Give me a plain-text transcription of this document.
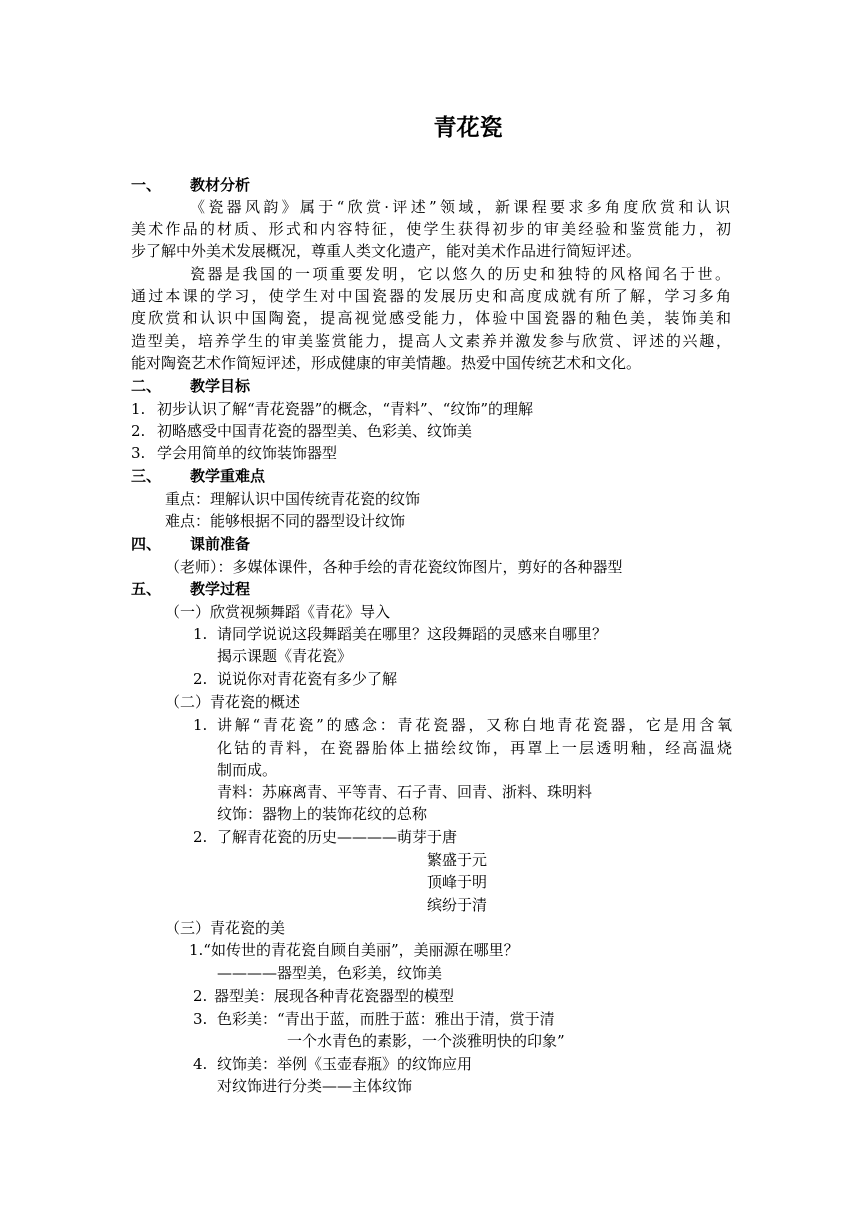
青花瓷
一、 教材分析
《瓷器风韵》属于“欣赏·评述”领域，新课程要求多角度欣赏和认识
美术作品的材质、形式和内容特征，使学生获得初步的审美经验和鉴赏能力，初
步了解中外美术发展概况，尊重人类文化遗产，能对美术作品进行简短评述。
瓷器是我国的一项重要发明，它以悠久的历史和独特的风格闻名于世。
通过本课的学习，使学生对中国瓷器的发展历史和高度成就有所了解，学习多角
度欣赏和认识中国陶瓷，提高视觉感受能力，体验中国瓷器的釉色美，装饰美和
造型美，培养学生的审美鉴赏能力，提高人文素养并激发参与欣赏、评述的兴趣，
能对陶瓷艺术作简短评述，形成健康的审美情趣。热爱中国传统艺术和文化。
二、 教学目标
1. 初步认识了解“青花瓷器”的概念，“青料”、“纹饰”的理解
2. 初略感受中国青花瓷的器型美、色彩美、纹饰美
3. 学会用简单的纹饰装饰器型
三、 教学重难点
重点：理解认识中国传统青花瓷的纹饰
难点：能够根据不同的器型设计纹饰
四、 课前准备
（老师）：多媒体课件，各种手绘的青花瓷纹饰图片，剪好的各种器型
五、 教学过程
（一）欣赏视频舞蹈《青花》导入
1. 请同学说说这段舞蹈美在哪里？这段舞蹈的灵感来自哪里？
揭示课题《青花瓷》
2. 说说你对青花瓷有多少了解
（二）青花瓷的概述
1. 讲解“青花瓷”的感念：青花瓷器，又称白地青花瓷器，它是用含氧
化钴的青料，在瓷器胎体上描绘纹饰，再罩上一层透明釉，经高温烧
制而成。
青料：苏麻离青、平等青、石子青、回青、浙料、珠明料
纹饰：器物上的装饰花纹的总称
2. 了解青花瓷的历史————萌芽于唐
繁盛于元
顶峰于明
缤纷于清
（三）青花瓷的美
1.“如传世的青花瓷自顾自美丽”，美丽源在哪里？
————器型美，色彩美，纹饰美
2. 器型美：展现各种青花瓷器型的模型
3. 色彩美：“青出于蓝，而胜于蓝：雅出于清，赏于清
一个水青色的素影，一个淡雅明快的印象”
4. 纹饰美：举例《玉壶春瓶》的纹饰应用
对纹饰进行分类——主体纹饰
